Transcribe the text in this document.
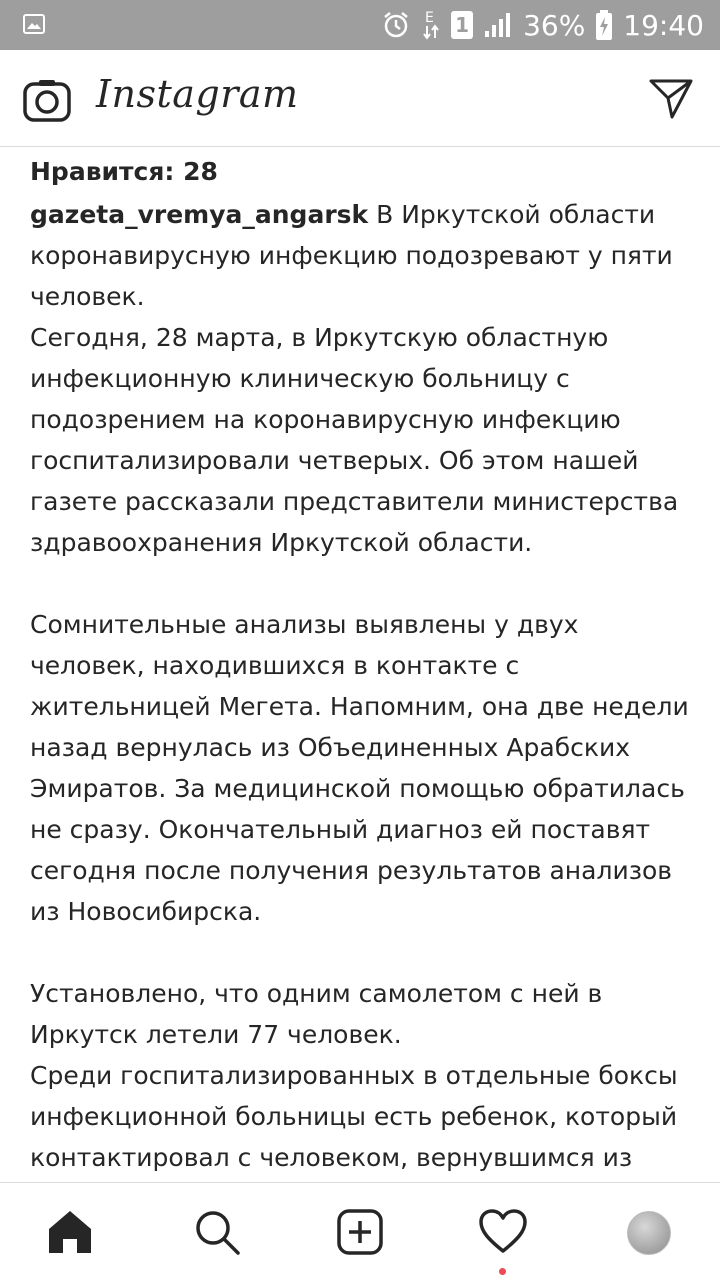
E 1 36% 19:40
Instagram
Нравится: 28

gazeta_vremya_angarsk В Иркутской области коронавирусную инфекцию подозревают у пяти человек.

Сегодня, 28 марта, в Иркутскую областную инфекционную клиническую больницу с подозрением на коронавирусную инфекцию госпитализировали четверых. Об этом нашей газете рассказали представители министерства здравоохранения Иркутской области.

Сомнительные анализы выявлены у двух человек, находившихся в контакте с жительницей Мегета. Напомним, она две недели назад вернулась из Объединенных Арабских Эмиратов. За медицинской помощью обратилась не сразу. Окончательный диагноз ей поставят сегодня после получения результатов анализов из Новосибирска.

Установлено, что одним самолетом с ней в Иркутск летели 77 человек.

Среди госпитализированных в отдельные боксы инфекционной больницы есть ребенок, который контактировал с человеком, вернувшимся из
